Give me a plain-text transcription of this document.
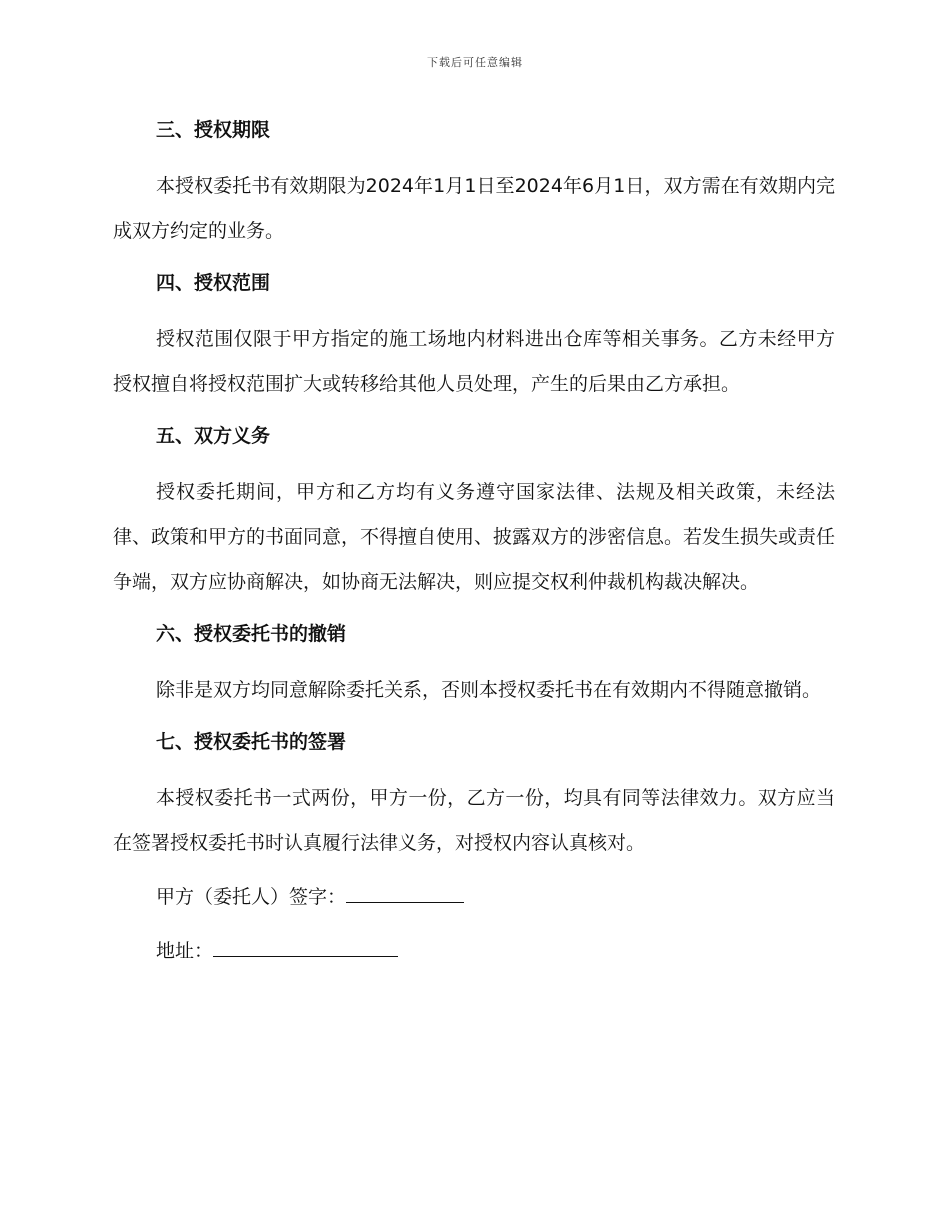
下载后可任意编辑

三、授权期限

本授权委托书有效期限为2024年1月1日至2024年6月1日，双方需在有效期内完成双方约定的业务。

四、授权范围

授权范围仅限于甲方指定的施工场地内材料进出仓库等相关事务。乙方未经甲方授权擅自将授权范围扩大或转移给其他人员处理，产生的后果由乙方承担。

五、双方义务

授权委托期间，甲方和乙方均有义务遵守国家法律、法规及相关政策，未经法律、政策和甲方的书面同意，不得擅自使用、披露双方的涉密信息。若发生损失或责任争端，双方应协商解决，如协商无法解决，则应提交权利仲裁机构裁决解决。

六、授权委托书的撤销

除非是双方均同意解除委托关系，否则本授权委托书在有效期内不得随意撤销。

七、授权委托书的签署

本授权委托书一式两份，甲方一份，乙方一份，均具有同等法律效力。双方应当在签署授权委托书时认真履行法律义务，对授权内容认真核对。

甲方（委托人）签字：
地址：
